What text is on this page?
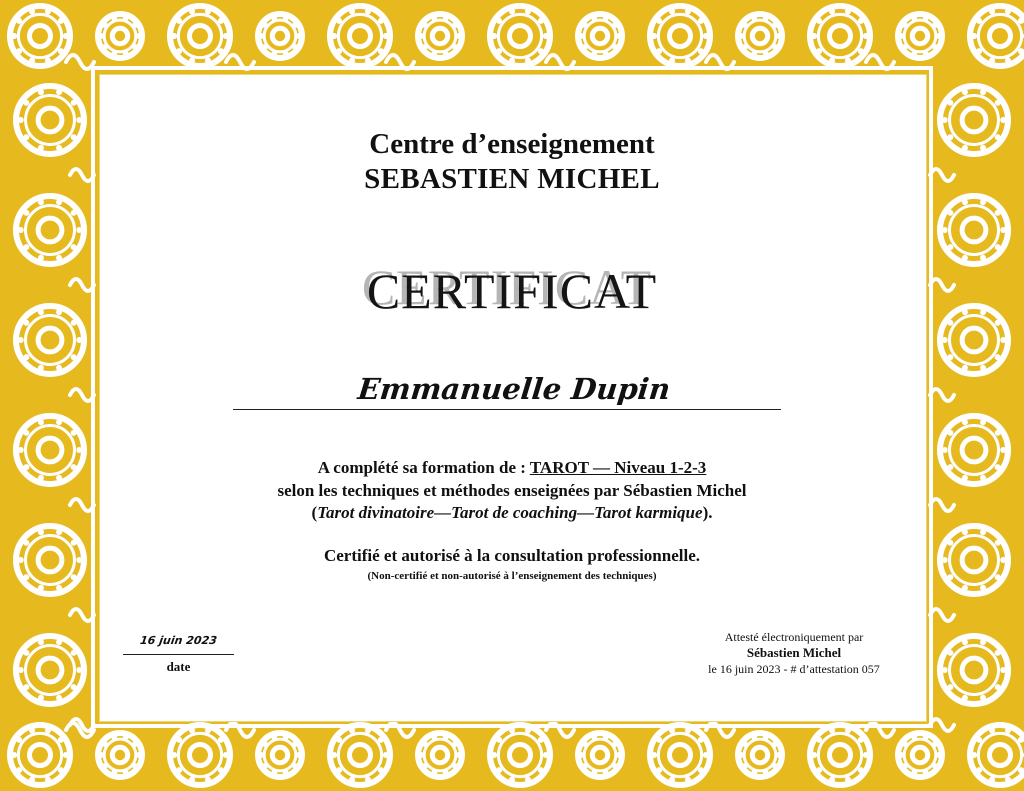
Centre d’enseignement
SEBASTIEN MICHEL
CERTIFICAT
Emmanuelle Dupin
A complété sa formation de : TAROT — Niveau 1-2-3
selon les techniques et méthodes enseignées par Sébastien Michel
(Tarot divinatoire—Tarot de coaching—Tarot karmique).
Certifié et autorisé à la consultation professionnelle.
(Non-certifié et non-autorisé à l’enseignement des techniques)
16 juin 2023
date
Attesté électroniquement par
Sébastien Michel
le 16 juin 2023 - # d’attestation 057
